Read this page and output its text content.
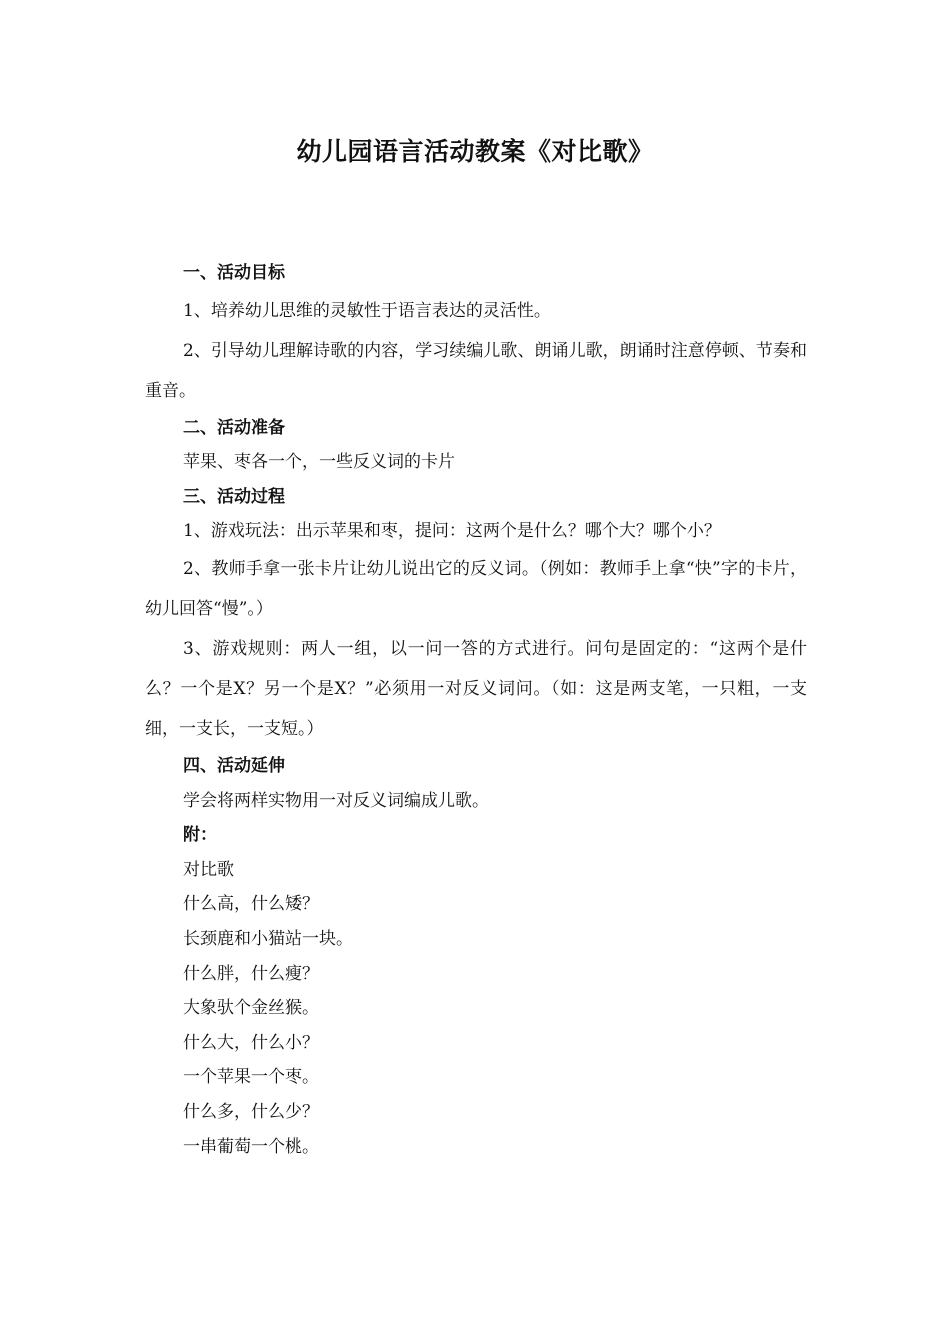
幼儿园语言活动教案《对比歌》

一、活动目标

1、培养幼儿思维的灵敏性于语言表达的灵活性。

2、引导幼儿理解诗歌的内容，学习续编儿歌、朗诵儿歌，朗诵时注意停顿、节奏和重音。

二、活动准备

苹果、枣各一个，一些反义词的卡片

三、活动过程

1、游戏玩法：出示苹果和枣，提问：这两个是什么？哪个大？哪个小？

2、教师手拿一张卡片让幼儿说出它的反义词。（例如：教师手上拿“快”字的卡片，幼儿回答“慢”。）

3、游戏规则：两人一组，以一问一答的方式进行。问句是固定的：“这两个是什么？一个是X？另一个是X？”必须用一对反义词问。（如：这是两支笔，一只粗，一支细，一支长，一支短。）

四、活动延伸

学会将两样实物用一对反义词编成儿歌。

附：

对比歌

什么高，什么矮？

长颈鹿和小猫站一块。

什么胖，什么瘦？

大象驮个金丝猴。

什么大，什么小？

一个苹果一个枣。

什么多，什么少？

一串葡萄一个桃。
